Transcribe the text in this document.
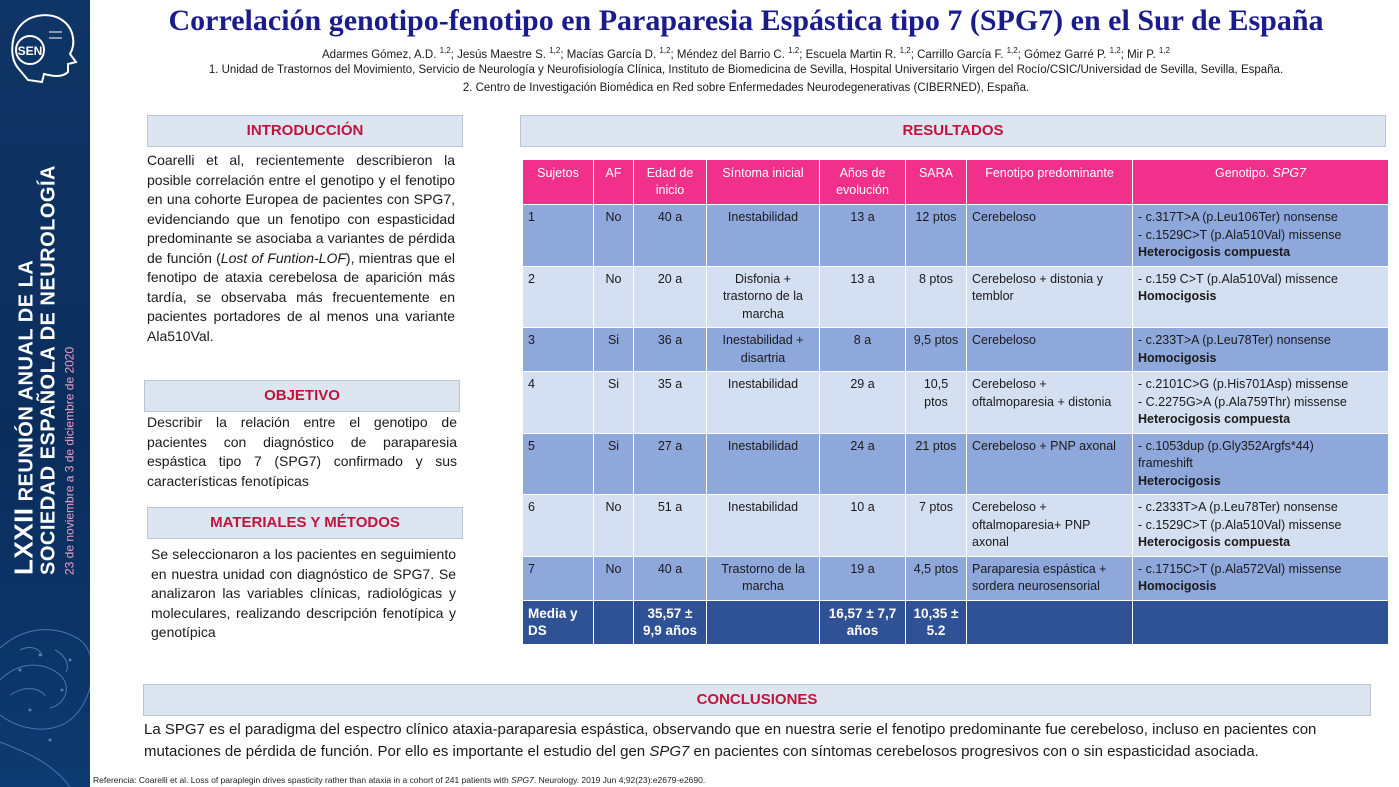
SEN
LXXII REUNIÓN ANUAL DE LA SOCIEDAD ESPAÑOLA DE NEUROLOGÍA 23 de noviembre a 3 de diciembre de 2020
Correlación genotipo-fenotipo en Paraparesia Espástica tipo 7 (SPG7) en el Sur de España
Adarmes Gómez, A.D. $^{1,2}$; Jesús Maestre S. $^{1,2}$; Macías García D. $^{1,2}$; Méndez del Barrio C. $^{1,2}$; Escuela Martin R. $^{1,2}$; Carrillo García F. $^{1,2}$; Gómez Garré P. $^{1,2}$; Mir P. $^{1,2}$
1. Unidad de Trastornos del Movimiento, Servicio de Neurología y Neurofisiología Clínica, Instituto de Biomedicina de Sevilla, Hospital Universitario Virgen del Rocío/CSIC/Universidad de Sevilla, Sevilla, España.
2. Centro de Investigación Biomédica en Red sobre Enfermedades Neurodegenerativas (CIBERNED), España.
INTRODUCCIÓN
Coarelli et al, recientemente describieron la posible correlación entre el genotipo y el fenotipo en una cohorte Europea de pacientes con SPG7, evidenciando que un fenotipo con espasticidad predominante se asociaba a variantes de pérdida de función (Lost of Funtion-LOF), mientras que el fenotipo de ataxia cerebelosa de aparición más tardía, se observaba más frecuentemente en pacientes portadores de al menos una variante Ala510Val.
OBJETIVO
Describir la relación entre el genotipo de pacientes con diagnóstico de paraparesia espástica tipo 7 (SPG7) confirmado y sus características fenotípicas
MATERIALES Y MÉTODOS
Se seleccionaron a los pacientes en seguimiento en nuestra unidad con diagnóstico de SPG7. Se analizaron las variables clínicas, radiológicas y moleculares, realizando descripción fenotípica y genotípica
RESULTADOS
Sujetos	AF	Edad de inicio	Síntoma inicial	Años de evolución	SARA	Fenotipo predominante	Genotipo. SPG7
1	No	40 a	Inestabilidad	13 a	12 ptos	Cerebeloso	- c.317T>A (p.Leu106Ter) nonsense
- c.1529C>T (p.Ala510Val) missense
Heterocigosis compuesta

2	No	20 a	Disfonia + trastorno de la marcha	13 a	8 ptos	Cerebeloso + distonia y temblor	- c.159 C>T (p.Ala510Val) missence
Homocigosis

3	Si	36 a	Inestabilidad + disartria	8 a	9,5 ptos	Cerebeloso	- c.233T>A (p.Leu78Ter) nonsense
Homocigosis

4	Si	35 a	Inestabilidad	29 a	10,5 ptos	Cerebeloso + oftalmoparesia + distonia	- c.2101C>G (p.His701Asp) missense
- C.2275G>A (p.Ala759Thr) missense
Heterocigosis compuesta

5	Si	27 a	Inestabilidad	24 a	21 ptos	Cerebeloso + PNP axonal	- c.1053dup (p.Gly352Argfs*44)
frameshift
Heterocigosis

6	No	51 a	Inestabilidad	10 a	7 ptos	Cerebeloso + oftalmoparesia+ PNP axonal	- c.2333T>A (p.Leu78Ter) nonsense
- c.1529C>T (p.Ala510Val) missense
Heterocigosis compuesta

7	No	40 a	Trastorno de la marcha	19 a	4,5 ptos	Paraparesia espástica + sordera neurosensorial	- c.1715C>T (p.Ala572Val) missense
Homocigosis

Media y DS		35,57 ± 9,9 años		16,57 ± 7,7 años	10,35 ± 5.2		
CONCLUSIONES
La SPG7 es el paradigma del espectro clínico ataxia-paraparesia espástica, observando que en nuestra serie el fenotipo predominante fue cerebeloso, incluso en pacientes con mutaciones de pérdida de función. Por ello es importante el estudio del gen SPG7 en pacientes con síntomas cerebelosos progresivos con o sin espasticidad asociada.
Referencia: Coarelli et al. Loss of paraplegin drives spasticity rather than ataxia in a cohort of 241 patients with SPG7. Neurology. 2019 Jun 4;92(23):e2679-e2690.
